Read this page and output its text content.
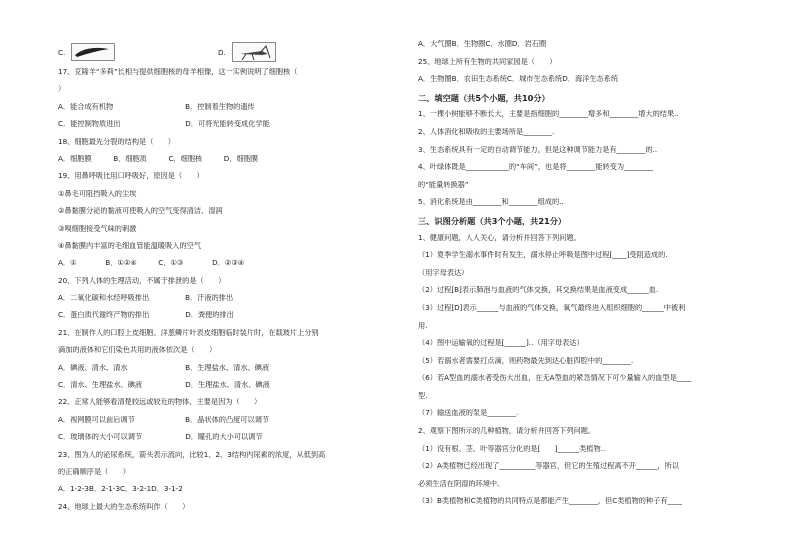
C.	D.
17、克隆羊“多莉”长相与提供细胞核的母羊相像，这一实例说明了细胞核（
）
A．能合成有机物　　　　　　　　　　B．控制着生物的遗传
C．能控制物质进出　　　　　　　　　D．可将光能转变成化学能
18、细胞最先分裂的结构是（　　）
A．细胞膜　　　B．细胞质　　　C．细胞核　　　D．细胞膜
19、用鼻呼吸比用口呼吸好，原因是（　　）
①鼻毛可阻挡吸入的尘埃
②鼻黏膜分泌的黏液可使吸入的空气变得清洁、湿润
③嗅细胞接受气味的刺激
④鼻黏膜内丰富的毛细血管能温暖吸入的空气
A．①　　　　B．①②④　　　C．①③　　　　D．②③④
20、下列人体的生理活动，不属于排泄的是（　　）
A．二氧化碳和水经呼吸排出　　　　　B．汗液的排出
C．蛋白质代谢终产物的排出　　　　　D．粪便的排出
21、在制作人的口腔上皮细胞、洋葱鳞片叶表皮细胞临时装片时，在载玻片上分别
滴加的液体和它们染色共用的液体依次是（　　）
A．碘液、清水、清水　　　　　　　　B．生理盐水、清水、碘液
C．清水、生理盐水、碘液　　　　　　D．生理盐水、清水、碘液
22、正常人能够看清楚较远或较近的物体，主要是因为（　　）
A．视网膜可以前后调节　　　　　　　B．晶状体的凸度可以调节
C．玻璃体的大小可以调节　　　　　　D．瞳孔的大小可以调节
23、图为人的泌尿系统，箭头表示流向，比较1、2、3结构内尿素的浓度，从低到高
的正确顺序是（　　）
A．1-2-3B．2-1-3C．3-2-1D．3-1-2
24、地球上最大的生态系统叫作（　　）
A．大气圈B．生物圈C．水圈D．岩石圈
25、地球上所有生物的共同家园是（　　）
A．生物圈B．农田生态系统C．城市生态系统D．海洋生态系统
二、填空题（共5个小题，共10分）
1、一棵小树能够不断长大，主要是指细胞的________增多和________增大的结果..
2、人体消化和吸收的主要场所是________.
3、生态系统具有一定的自动调节能力，但是这种调节能力是有________的..
4、叶绿体既是____________的“车间”，也是将________能转变为________
的“能量转换器”
5、消化系统是由________和________组成的..
三、识图分析题（共3个小题，共21分）
1、健康问题，人人关心，请分析并回答下列问题。
（1）夏季学生溺水事件时有发生，溺水停止呼吸是图中过程[____]受阻造成的.
（用字母表达）
（2）过程[B]表示肺泡与血液的气体交换，其交换结果是血液变成______血.
（3）过程[D]表示______与血液的气体交换，氧气最终进入组织细胞的______中被利
用.
（4）图中运输氧的过程是[______]..（用字母表达）
（5）若溺水者需要打点滴，则药物最先到达心脏四腔中的________.
（6）若A型血的溺水者受伤大出血，在无A型血的紧急情况下可少量输入的血型是____
型.
（7）输送血液的泵是________.
2、观察下图所示的几种植物，请分析并回答下列问题。
（1）没有根、茎、叶等器官分化的是[　　]______类植物..
（2）A类植物已经出现了__________等器官，但它的生殖过程离不开______，所以
必须生活在阴湿的环境中。
（3）B类植物和C类植物的共同特点是都能产生________，但C类植物的种子有____
